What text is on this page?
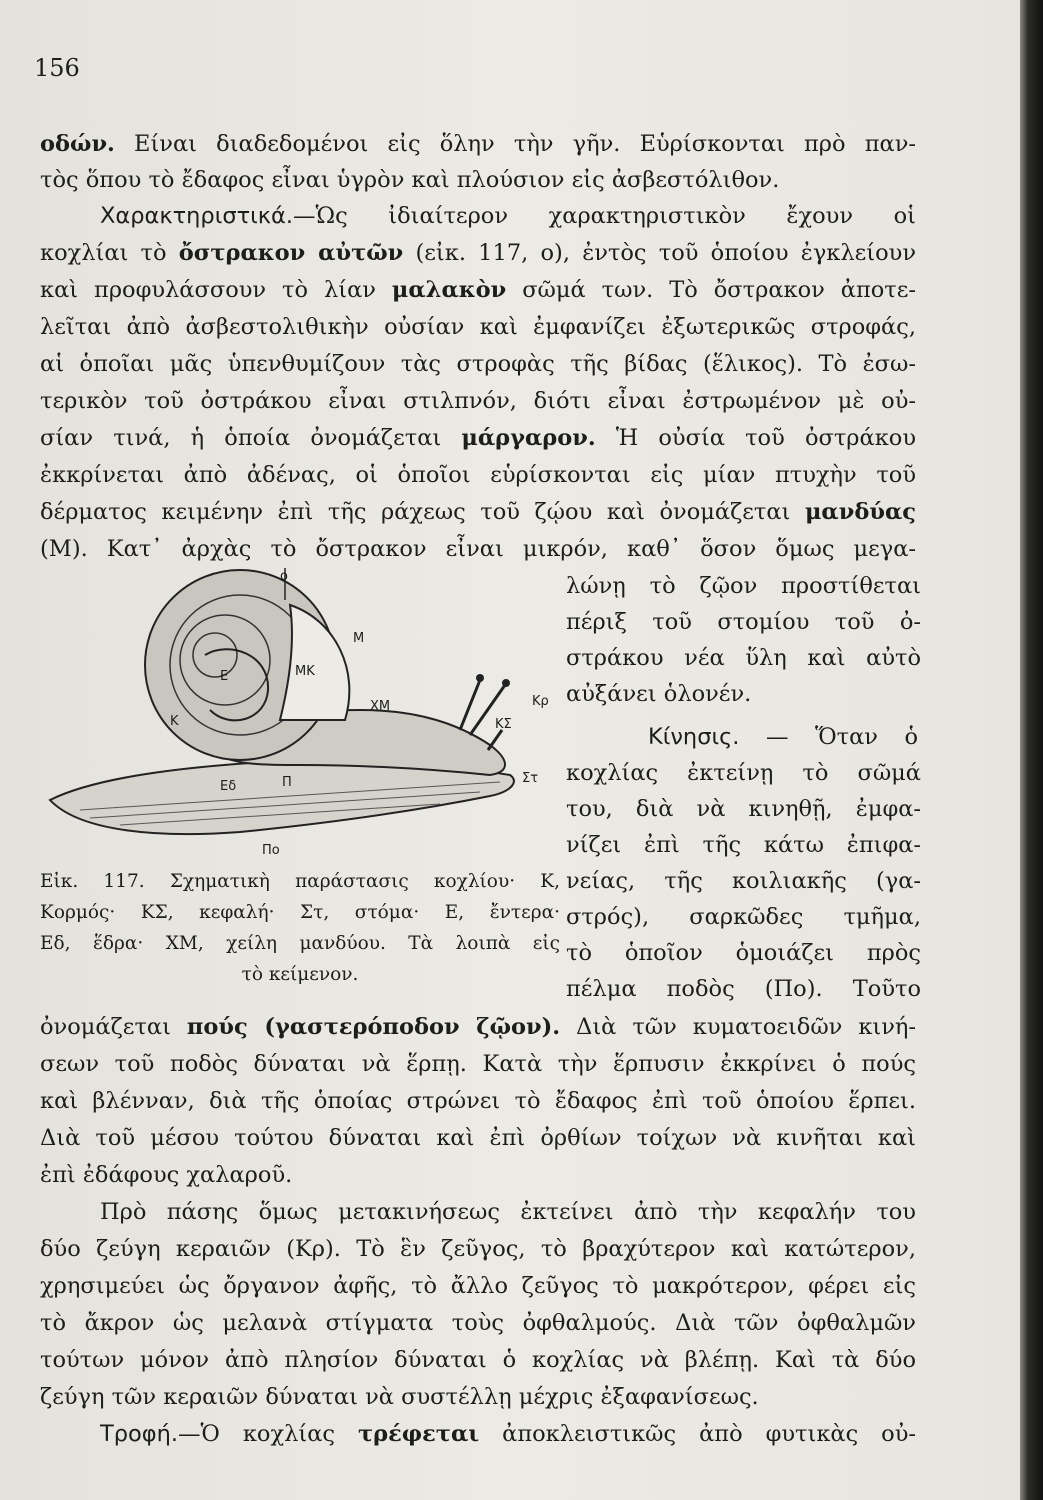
156
οδών. Είναι διαδεδομένοι εἰς ὅλην τὴν γῆν. Εὑρίσκονται πρὸ παν-
τὸς ὅπου τὸ ἔδαφος εἶναι ὑγρὸν καὶ πλούσιον εἰς ἀσβεστόλιθον.
Χαρακτηριστικά.—Ὡς ἰδιαίτερον χαρακτηριστικὸν ἔχουν οἱ
κοχλίαι τὸ ὄστρακον αὐτῶν (εἰκ. 117, ο), ἐντὸς τοῦ ὁποίου ἐγκλείουν
καὶ προφυλάσσουν τὸ λίαν μαλακὸν σῶμά των. Τὸ ὄστρακον ἀποτε-
λεῖται ἀπὸ ἀσβεστολιθικὴν οὐσίαν καὶ ἐμφανίζει ἐξωτερικῶς στροφάς,
αἱ ὁποῖαι μᾶς ὑπενθυμίζουν τὰς στροφὰς τῆς βίδας (ἕλικος). Τὸ ἐσω-
τερικὸν τοῦ ὀστράκου εἶναι στιλπνόν, διότι εἶναι ἐστρωμένον μὲ οὐ-
σίαν τινά, ἡ ὁποία ὀνομάζεται μάργαρον. Ἡ οὐσία τοῦ ὀστράκου
ἐκκρίνεται ἀπὸ ἀδένας, οἱ ὁποῖοι εὑρίσκονται εἰς μίαν πτυχὴν τοῦ
δέρματος κειμένην ἐπὶ τῆς ράχεως τοῦ ζῴου καὶ ὀνομάζεται μανδύας
(Μ). Κατ᾽ ἀρχὰς τὸ ὄστρακον εἶναι μικρόν, καθ᾽ ὅσον ὅμως μεγα-
λώνῃ τὸ ζῷον προστίθεται
πέριξ τοῦ στομίου τοῦ ὀ-
στράκου νέα ὕλη καὶ αὐτὸ
αὐξάνει ὁλονέν.
Κίνησις. — Ὅταν ὁ
κοχλίας ἐκτείνῃ τὸ σῶμά
του, διὰ νὰ κινηθῇ, ἐμφα-
νίζει ἐπὶ τῆς κάτω ἐπιφα-
νείας, τῆς κοιλιακῆς (γα-
στρός), σαρκῶδες τμῆμα,
τὸ ὁποῖον ὁμοιάζει πρὸς
πέλμα ποδὸς (Πο). Τοῦτο
ὀνομάζεται πούς (γαστερόποδον ζῷον). Διὰ τῶν κυματοειδῶν κινή-
σεων τοῦ ποδὸς δύναται νὰ ἕρπῃ. Κατὰ τὴν ἕρπυσιν ἐκκρίνει ὁ πούς
καὶ βλένναν, διὰ τῆς ὁποίας στρώνει τὸ ἔδαφος ἐπὶ τοῦ ὁποίου ἕρπει.
Διὰ τοῦ μέσου τούτου δύναται καὶ ἐπὶ ὀρθίων τοίχων νὰ κινῆται καὶ
ἐπὶ ἐδάφους χαλαροῦ.
Πρὸ πάσης ὅμως μετακινήσεως ἐκτείνει ἀπὸ τὴν κεφαλήν του
δύο ζεύγη κεραιῶν (Κρ). Τὸ ἓν ζεῦγος, τὸ βραχύτερον καὶ κατώτερον,
χρησιμεύει ὡς ὄργανον ἀφῆς, τὸ ἄλλο ζεῦγος τὸ μακρότερον, φέρει εἰς
τὸ ἄκρον ὡς μελανὰ στίγματα τοὺς ὀφθαλμούς. Διὰ τῶν ὀφθαλμῶν
τούτων μόνον ἀπὸ πλησίον δύναται ὁ κοχλίας νὰ βλέπῃ. Καὶ τὰ δύο
ζεύγη τῶν κεραιῶν δύναται νὰ συστέλλῃ μέχρις ἐξαφανίσεως.
Τροφή.—Ὁ κοχλίας τρέφεται ἀποκλειστικῶς ἀπὸ φυτικὰς οὐ-
ο
Μ
ΜΚ
Ε
Κ
ΧΜ	Κρ
ΚΣ
Στ
Εδ	Π
Πο
Εἰκ. 117. Σχηματικὴ παράστασις κοχλίου· Κ,
Κορμός· ΚΣ, κεφαλή· Στ, στόμα· Ε, ἔντερα·
Εδ, ἕδρα· ΧΜ, χείλη μανδύου. Τὰ λοιπὰ εἰς
τὸ κείμενον.
